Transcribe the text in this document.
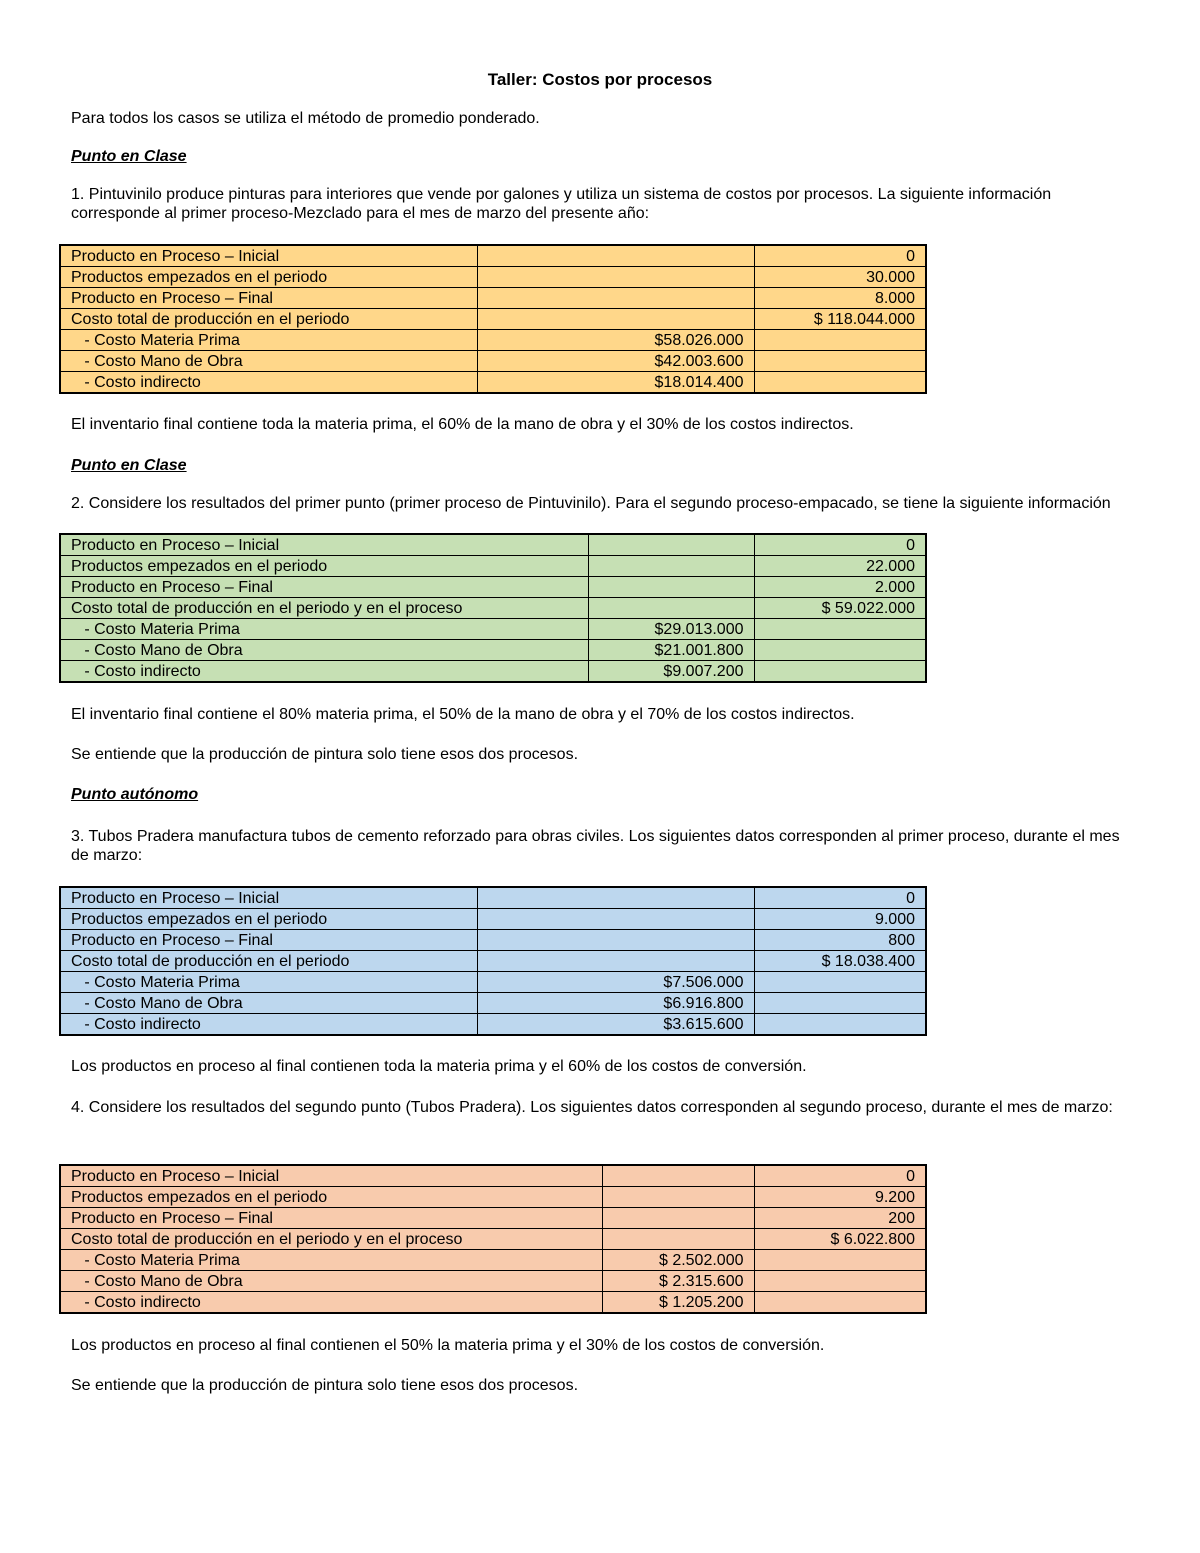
Taller: Costos por procesos
Para todos los casos se utiliza el método de promedio ponderado.
Punto en Clase
1. Pintuvinilo produce pinturas para interiores que vende por galones y utiliza un sistema de costos por procesos. La siguiente información corresponde al primer proceso-Mezclado para el mes de marzo del presente año:
Producto en Proceso – Inicial		0
Productos empezados en el periodo		30.000
Producto en Proceso – Final		8.000
Costo total de producción en el periodo		$ 118.044.000
- Costo Materia Prima	$58.026.000	
- Costo Mano de Obra	$42.003.600	
- Costo indirecto	$18.014.400	
El inventario final contiene toda la materia prima, el 60% de la mano de obra y el 30% de los costos indirectos.
Punto en Clase
2. Considere los resultados del primer punto (primer proceso de Pintuvinilo). Para el segundo proceso-empacado, se tiene la siguiente información
Producto en Proceso – Inicial		0
Productos empezados en el periodo		22.000
Producto en Proceso – Final		2.000
Costo total de producción en el periodo y en el proceso		$ 59.022.000
- Costo Materia Prima	$29.013.000	
- Costo Mano de Obra	$21.001.800	
- Costo indirecto	$9.007.200	
El inventario final contiene el 80% materia prima, el 50% de la mano de obra y el 70% de los costos indirectos.
Se entiende que la producción de pintura solo tiene esos dos procesos.
Punto autónomo
3. Tubos Pradera manufactura tubos de cemento reforzado para obras civiles. Los siguientes datos corresponden al primer proceso, durante el mes de marzo:
Producto en Proceso – Inicial		0
Productos empezados en el periodo		9.000
Producto en Proceso – Final		800
Costo total de producción en el periodo		$ 18.038.400
- Costo Materia Prima	$7.506.000	
- Costo Mano de Obra	$6.916.800	
- Costo indirecto	$3.615.600	
Los productos en proceso al final contienen toda la materia prima y el 60% de los costos de conversión.
4. Considere los resultados del segundo punto (Tubos Pradera). Los siguientes datos corresponden al segundo proceso, durante el mes de marzo:
Producto en Proceso – Inicial		0
Productos empezados en el periodo		9.200
Producto en Proceso – Final		200
Costo total de producción en el periodo y en el proceso		$ 6.022.800
- Costo Materia Prima	$ 2.502.000	
- Costo Mano de Obra	$ 2.315.600	
- Costo indirecto	$ 1.205.200	
Los productos en proceso al final contienen el 50% la materia prima y el 30% de los costos de conversión.
Se entiende que la producción de pintura solo tiene esos dos procesos.
